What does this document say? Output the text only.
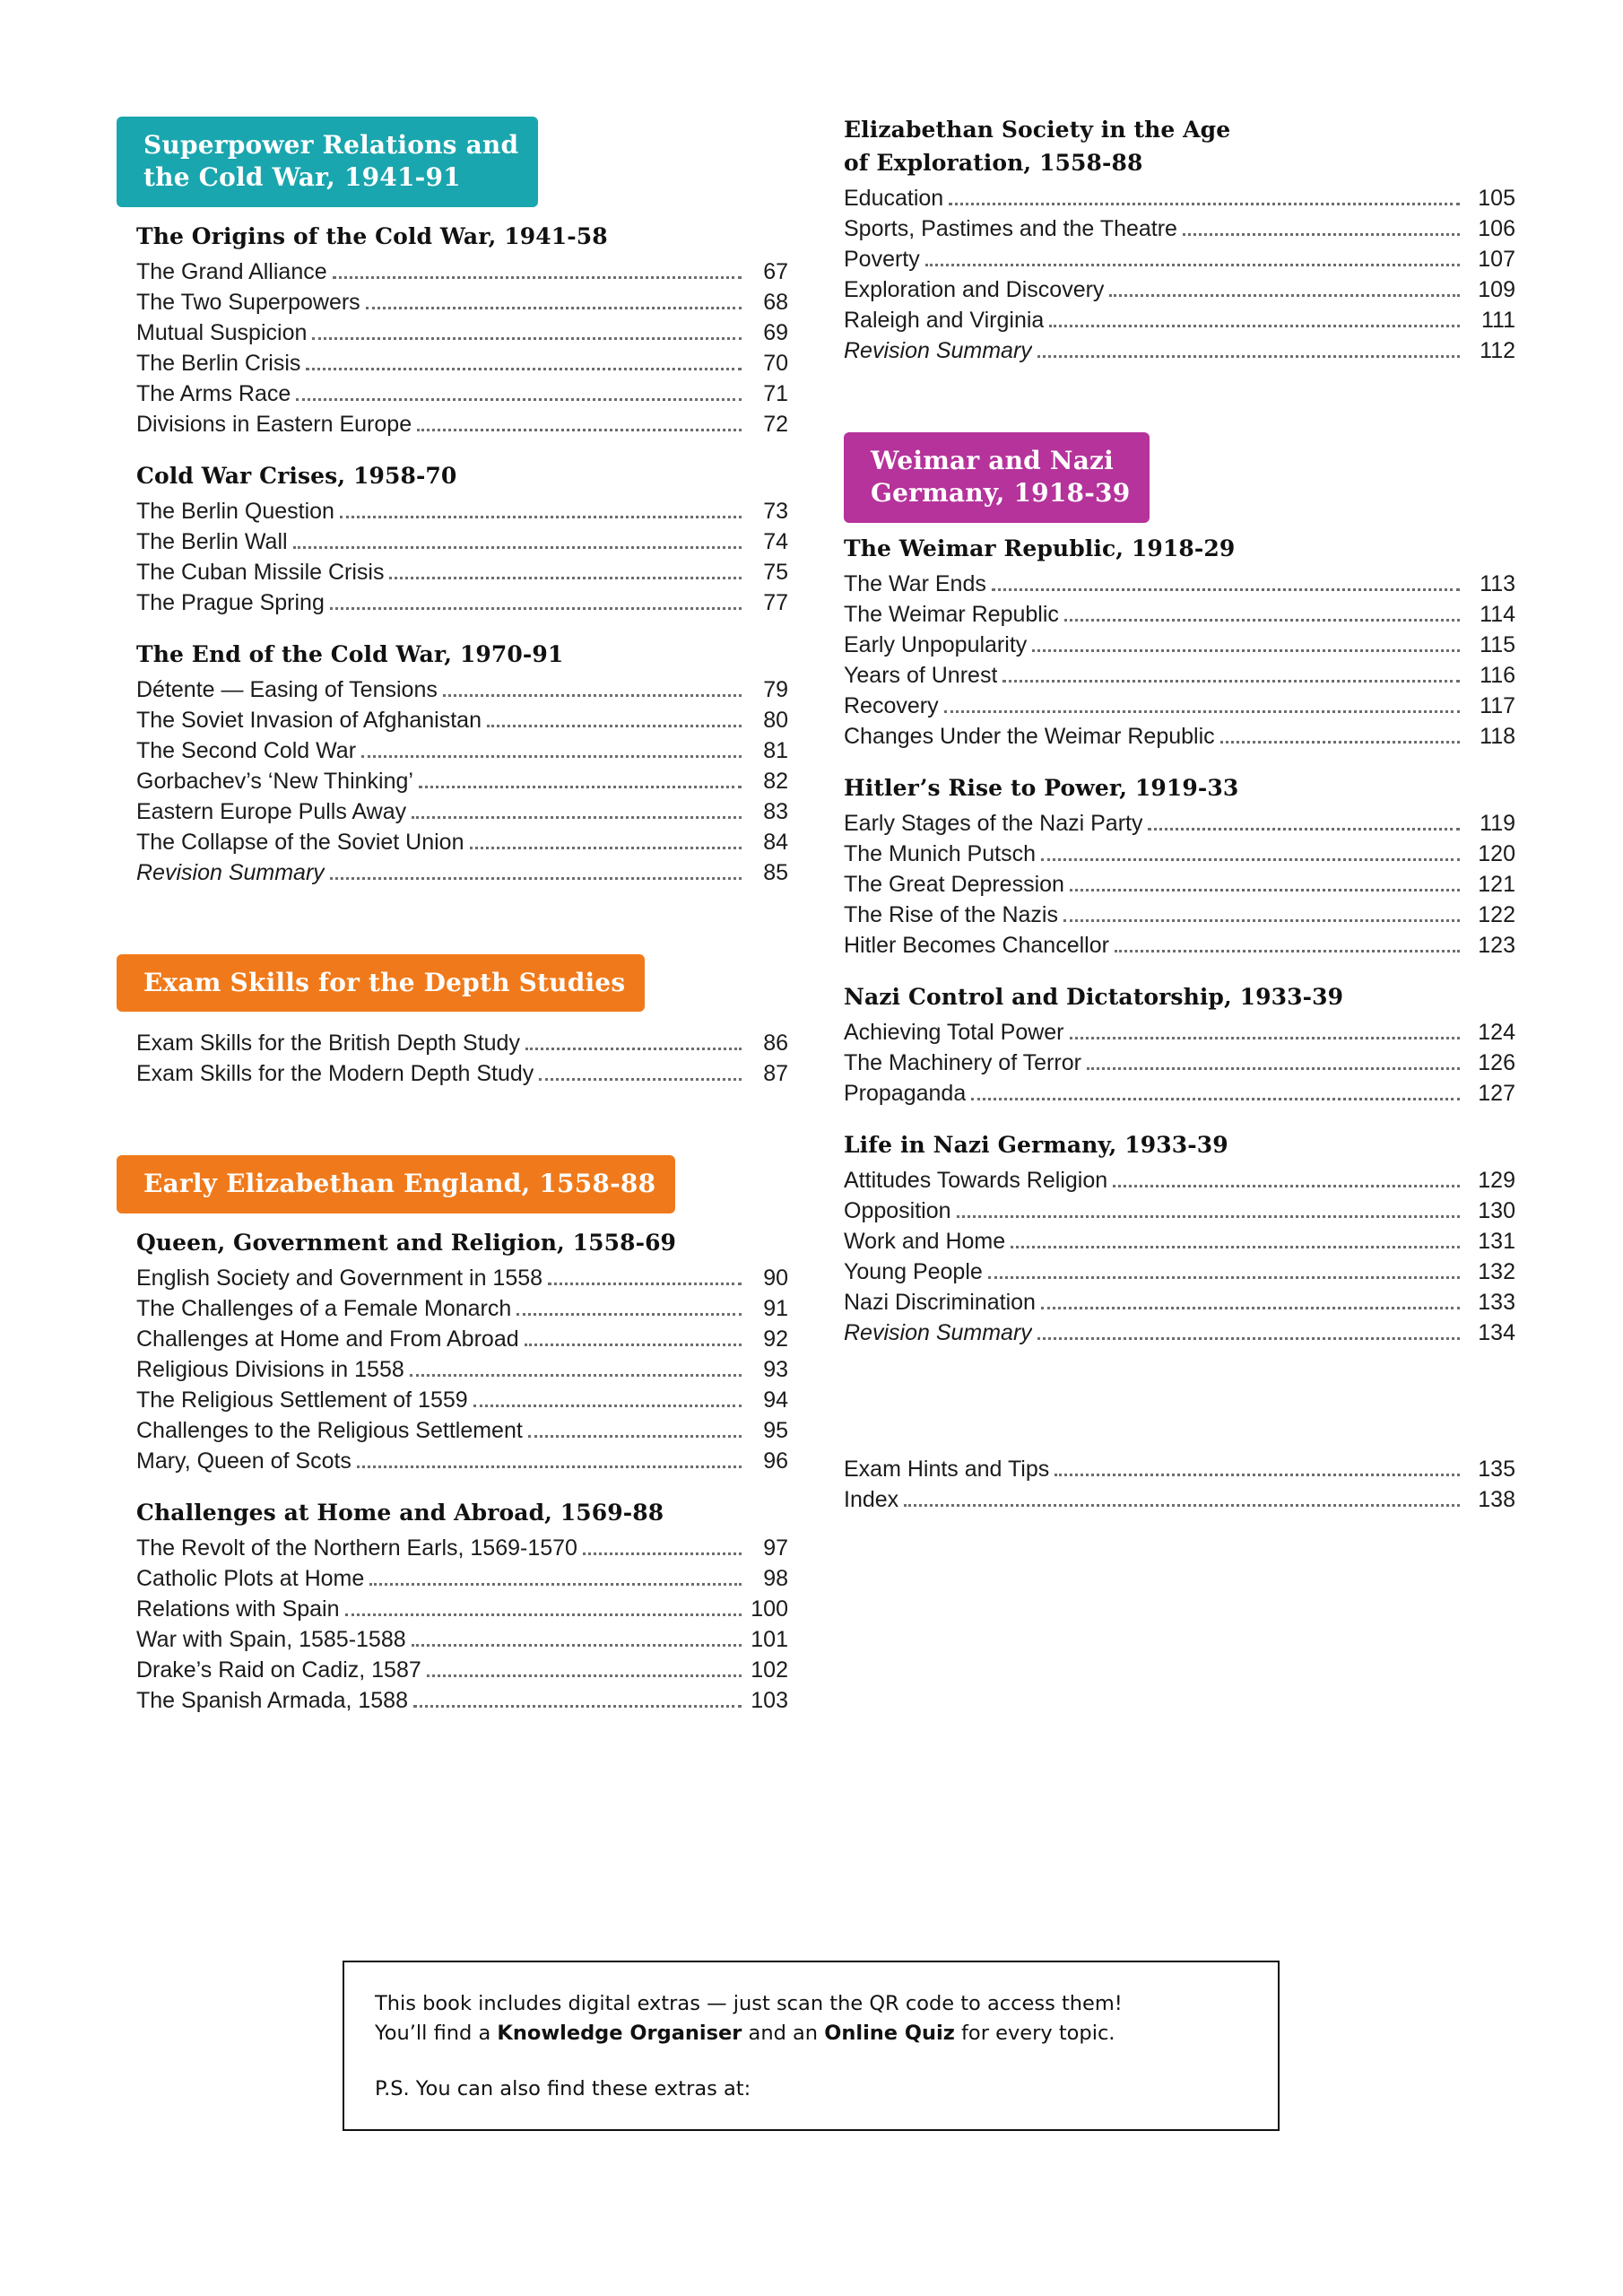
Superpower Relations and
the Cold War, 1941-91
The Origins of the Cold War, 1941-58
The Grand Alliance	67
The Two Superpowers	68
Mutual Suspicion	69
The Berlin Crisis	70
The Arms Race	71
Divisions in Eastern Europe	72
Cold War Crises, 1958-70
The Berlin Question	73
The Berlin Wall	74
The Cuban Missile Crisis	75
The Prague Spring	77
The End of the Cold War, 1970-91
Détente — Easing of Tensions	79
The Soviet Invasion of Afghanistan	80
The Second Cold War	81
Gorbachev’s ‘New Thinking’	82
Eastern Europe Pulls Away	83
The Collapse of the Soviet Union	84
Revision Summary	85
Exam Skills for the Depth Studies
Exam Skills for the British Depth Study	86
Exam Skills for the Modern Depth Study	87
Early Elizabethan England, 1558-88
Queen, Government and Religion, 1558-69
English Society and Government in 1558	90
The Challenges of a Female Monarch	91
Challenges at Home and From Abroad	92
Religious Divisions in 1558	93
The Religious Settlement of 1559	94
Challenges to the Religious Settlement	95
Mary, Queen of Scots	96
Challenges at Home and Abroad, 1569-88
The Revolt of the Northern Earls, 1569-1570	97
Catholic Plots at Home	98
Relations with Spain	100
War with Spain, 1585-1588	101
Drake’s Raid on Cadiz, 1587	102
The Spanish Armada, 1588	103
Elizabethan Society in the Age
of Exploration, 1558-88
Education	105
Sports, Pastimes and the Theatre	106
Poverty	107
Exploration and Discovery	109
Raleigh and Virginia	111
Revision Summary	112
Weimar and Nazi
Germany, 1918-39
The Weimar Republic, 1918-29
The War Ends	113
The Weimar Republic	114
Early Unpopularity	115
Years of Unrest	116
Recovery	117
Changes Under the Weimar Republic	118
Hitler’s Rise to Power, 1919-33
Early Stages of the Nazi Party	119
The Munich Putsch	120
The Great Depression	121
The Rise of the Nazis	122
Hitler Becomes Chancellor	123
Nazi Control and Dictatorship, 1933-39
Achieving Total Power	124
The Machinery of Terror	126
Propaganda	127
Life in Nazi Germany, 1933-39
Attitudes Towards Religion	129
Opposition	130
Work and Home	131
Young People	132
Nazi Discrimination	133
Revision Summary	134
Exam Hints and Tips	135
Index	138

This book includes digital extras — just scan the QR code to access them!

You’ll find a Knowledge Organiser and an Online Quiz for every topic.

P.S. You can also find these extras at:
